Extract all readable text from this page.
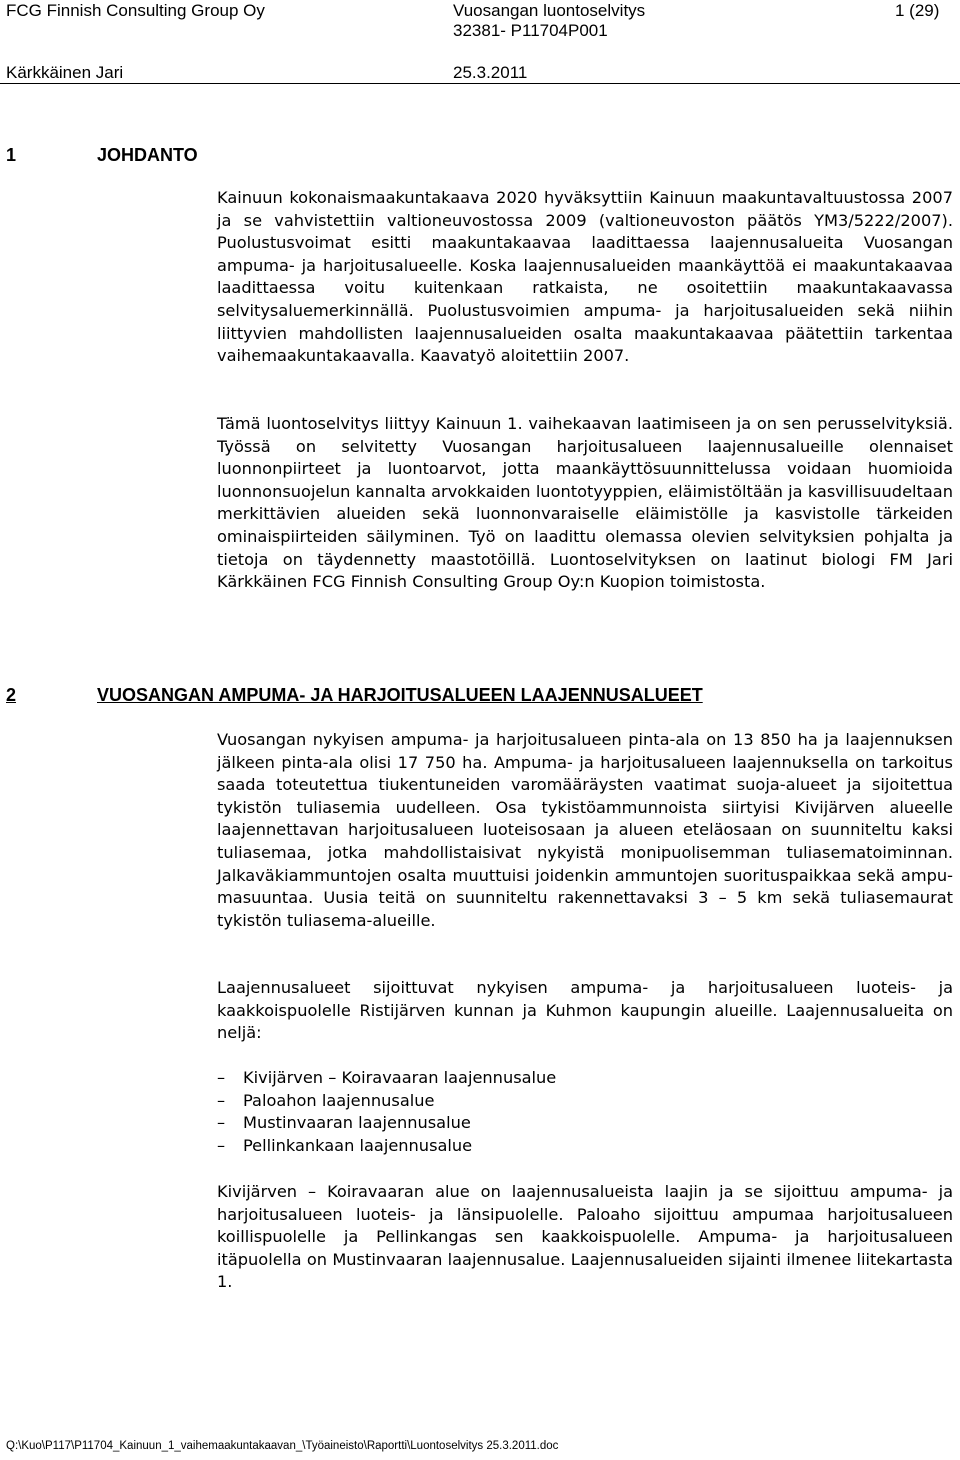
FCG Finnish Consulting Group Oy	Vuosangan luontoselvitys
32381- P11704P001
1 (29)
Kärkkäinen Jari	25.3.2011
1	JOHDANTO
Kainuun kokonaismaakuntakaava 2020 hyväksyttiin Kainuun maakuntavaltuustossa 2007 ja se vahvistettiin valtioneuvostossa 2009 (valtioneuvoston päätös YM3/5222/2007). Puolustusvoimat esitti maakuntakaavaa laadittaessa laajennusalueita Vuosangan ampuma- ja harjoitusalueelle. Koska laajennusalueiden maankäyttöä ei maakuntakaavaa laadittaessa voitu kuitenkaan ratkaista, ne osoitettiin maakuntakaavassa selvitysaluemerkinnällä. Puolustusvoimien ampuma- ja harjoitusalueiden sekä niihin liittyvien mahdollisten laajennusalueiden osalta maakuntakaavaa päätettiin tarkentaa vaihemaakuntakaavalla. Kaavatyö aloitettiin 2007.
Tämä luontoselvitys liittyy Kainuun 1. vaihekaavan laatimiseen ja on sen perusselvityksiä. Työssä on selvitetty Vuosangan harjoitusalueen laajennusalueille olennaiset luonnonpiirteet ja luontoarvot, jotta maankäyttösuunnittelussa voidaan huomioida luonnonsuojelun kannalta arvokkaiden luontotyyppien, eläimistöltään ja kasvillisuudeltaan merkittävien alueiden sekä luonnonvaraiselle eläimistölle ja kasvistolle tärkeiden ominaispiirteiden säilyminen. Työ on laadittu olemassa olevien selvityksien pohjalta ja tietoja on täydennetty maastotöillä. Luontoselvityksen on laatinut biologi FM Jari Kärkkäinen FCG Finnish Consulting Group Oy:n Kuopion toimistosta.
2	VUOSANGAN AMPUMA- JA HARJOITUSALUEEN LAAJENNUSALUEET
Vuosangan nykyisen ampuma- ja harjoitusalueen pinta-ala on 13 850 ha ja laajennuksen jälkeen pinta-ala olisi 17 750 ha. Ampuma- ja harjoitusalueen laajennuksella on tarkoitus saada toteutettua tiukentuneiden varomääräysten vaatimat suoja-alueet ja sijoitettua tykistön tuliasemia uudelleen. Osa tykistöammunnoista siirtyisi Kivijärven alueelle laajennettavan harjoitusalueen luoteisosaan ja alueen eteläosaan on suunniteltu kaksi tuliasemaa, jotka mahdollistaisivat nykyistä monipuolisemman tuliasematoiminnan. Jalkaväkiammuntojen osalta muuttuisi joidenkin ammuntojen suorituspaikkaa sekä ampumasuuntaa. Uusia teitä on suunniteltu rakennettavaksi 3 – 5 km sekä tuliasemaurat tykistön tuliasema-alueille.
Laajennusalueet sijoittuvat nykyisen ampuma- ja harjoitusalueen luoteis- ja kaakkoispuolelle Ristijärven kunnan ja Kuhmon kaupungin alueille. Laajennusalueita on neljä:
– Kivijärven – Koiravaaran laajennusalue
– Paloahon laajennusalue
– Mustinvaaran laajennusalue
– Pellinkankaan laajennusalue
Kivijärven – Koiravaaran alue on laajennusalueista laajin ja se sijoittuu ampuma- ja harjoitusalueen luoteis- ja länsipuolelle. Paloaho sijoittuu ampumaa harjoitusalueen koillispuolelle ja Pellinkangas sen kaakkoispuolelle. Ampuma- ja harjoitusalueen itäpuolella on Mustinvaaran laajennusalue. Laajennusalueiden sijainti ilmenee liitekartasta 1.
Q:\Kuo\P117\P11704_Kainuun_1_vaihemaakuntakaavan_\Työaineisto\Raportti\Luontoselvitys 25.3.2011.doc
